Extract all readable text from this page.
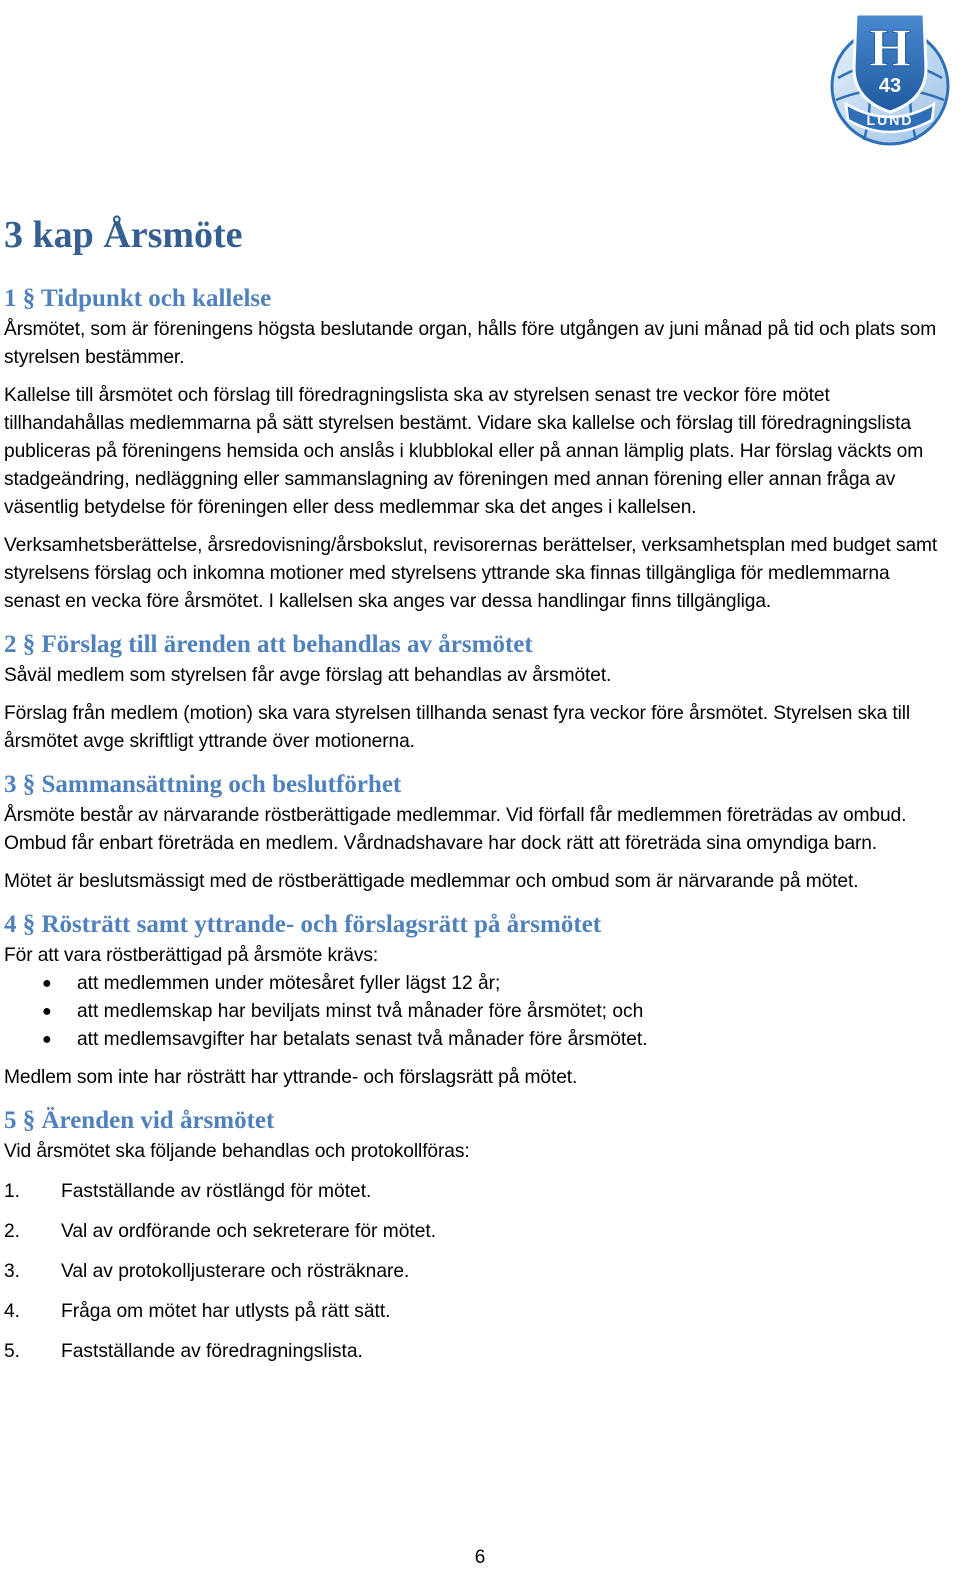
H
43
LUND
3 kap Årsmöte
1 § Tidpunkt och kallelse

Årsmötet, som är föreningens högsta beslutande organ, hålls före utgången av juni månad på tid och plats som styrelsen bestämmer.

Kallelse till årsmötet och förslag till föredragningslista ska av styrelsen senast tre veckor före mötet tillhandahållas medlemmarna på sätt styrelsen bestämt. Vidare ska kallelse och förslag till föredragningslista publiceras på föreningens hemsida och anslås i klubblokal eller på annan lämplig plats. Har förslag väckts om stadgeändring, nedläggning eller sammanslagning av föreningen med annan förening eller annan fråga av väsentlig betydelse för föreningen eller dess medlemmar ska det anges i kallelsen.

Verksamhetsberättelse, årsredovisning/årsbokslut, revisorernas berättelser, verksamhetsplan med budget samt styrelsens förslag och inkomna motioner med styrelsens yttrande ska finnas tillgängliga för medlemmarna senast en vecka före årsmötet. I kallelsen ska anges var dessa handlingar finns tillgängliga.

2 § Förslag till ärenden att behandlas av årsmötet

Såväl medlem som styrelsen får avge förslag att behandlas av årsmötet.

Förslag från medlem (motion) ska vara styrelsen tillhanda senast fyra veckor före årsmötet. Styrelsen ska till årsmötet avge skriftligt yttrande över motionerna.

3 § Sammansättning och beslutförhet

Årsmöte består av närvarande röstberättigade medlemmar. Vid förfall får medlemmen företrädas av ombud. Ombud får enbart företräda en medlem. Vårdnadshavare har dock rätt att företräda sina omyndiga barn.

Mötet är beslutsmässigt med de röstberättigade medlemmar och ombud som är närvarande på mötet.

4 § Rösträtt samt yttrande- och förslagsrätt på årsmötet

För att vara röstberättigad på årsmöte krävs:

● att medlemmen under mötesåret fyller lägst 12 år;
● att medlemskap har beviljats minst två månader före årsmötet; och
● att medlemsavgifter har betalats senast två månader före årsmötet.

Medlem som inte har rösträtt har yttrande- och förslagsrätt på mötet.

5 § Ärenden vid årsmötet

Vid årsmötet ska följande behandlas och protokollföras:

1. Fastställande av röstlängd för mötet.
2. Val av ordförande och sekreterare för mötet.
3. Val av protokolljusterare och rösträknare.
4. Fråga om mötet har utlysts på rätt sätt.
5. Fastställande av föredragningslista.
6
